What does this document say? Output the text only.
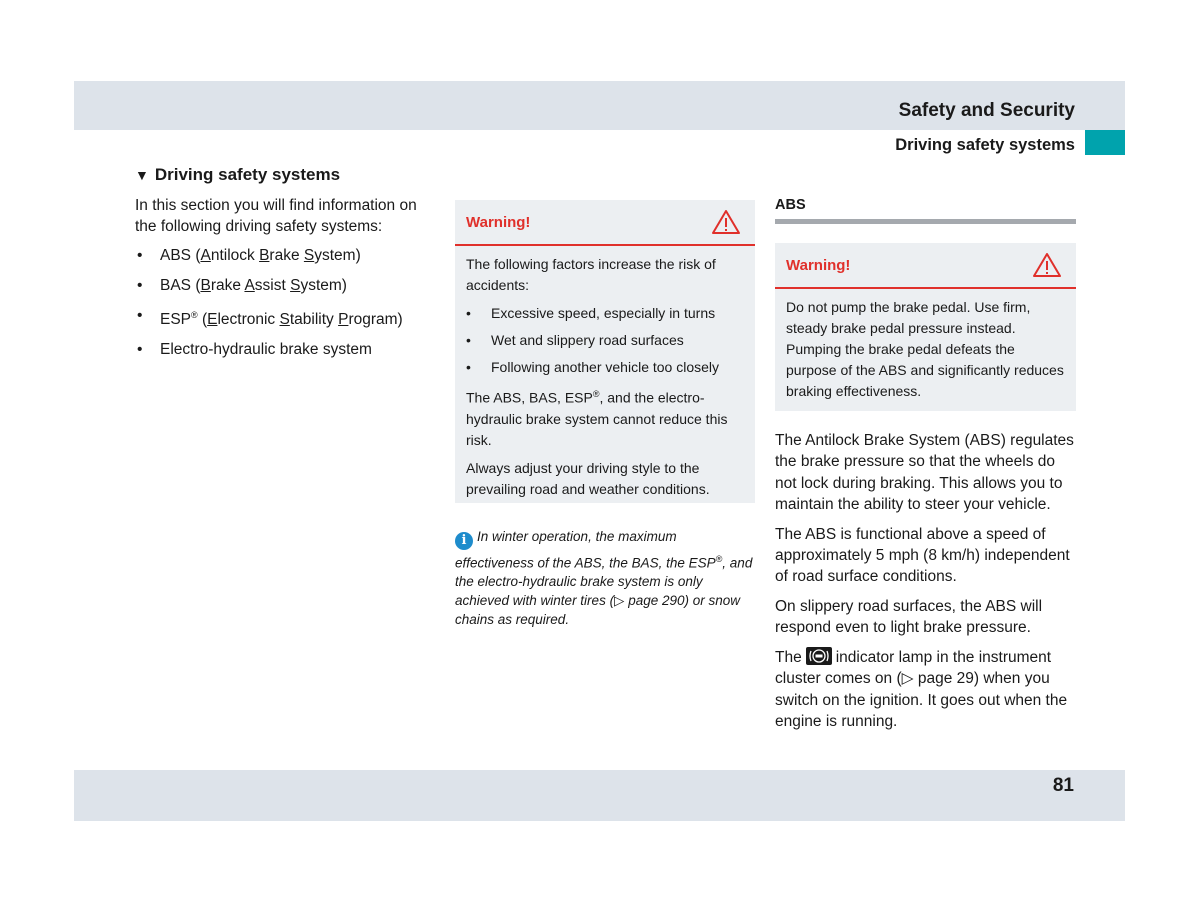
Safety and Security
Driving safety systems
▼ Driving safety systems

In this section you will find information on the following driving safety systems:

• ABS (Antilock Brake System)
• BAS (Brake Assist System)
• ESP® (Electronic Stability Program)
• Electro-hydraulic brake system
Warning!

The following factors increase the risk of accidents:

• Excessive speed, especially in turns
• Wet and slippery road surfaces
• Following another vehicle too closely

The ABS, BAS, ESP®, and the electro-hydraulic brake system cannot reduce this risk.

Always adjust your driving style to the prevailing road and weather conditions.

i In winter operation, the maximum effectiveness of the ABS, the BAS, the ESP®, and the electro-hydraulic brake system is only achieved with winter tires (▷ page 290) or snow chains as required.
ABS
Warning!

Do not pump the brake pedal. Use firm, steady brake pedal pressure instead. Pumping the brake pedal defeats the purpose of the ABS and significantly reduces braking effectiveness.

The Antilock Brake System (ABS) regulates the brake pressure so that the wheels do not lock during braking. This allows you to maintain the ability to steer your vehicle.

The ABS is functional above a speed of approximately 5 mph (8 km/h) independent of road surface conditions.

On slippery road surfaces, the ABS will respond even to light brake pressure.

The indicator lamp in the instrument cluster comes on (▷ page 29) when you switch on the ignition. It goes out when the engine is running.

81
